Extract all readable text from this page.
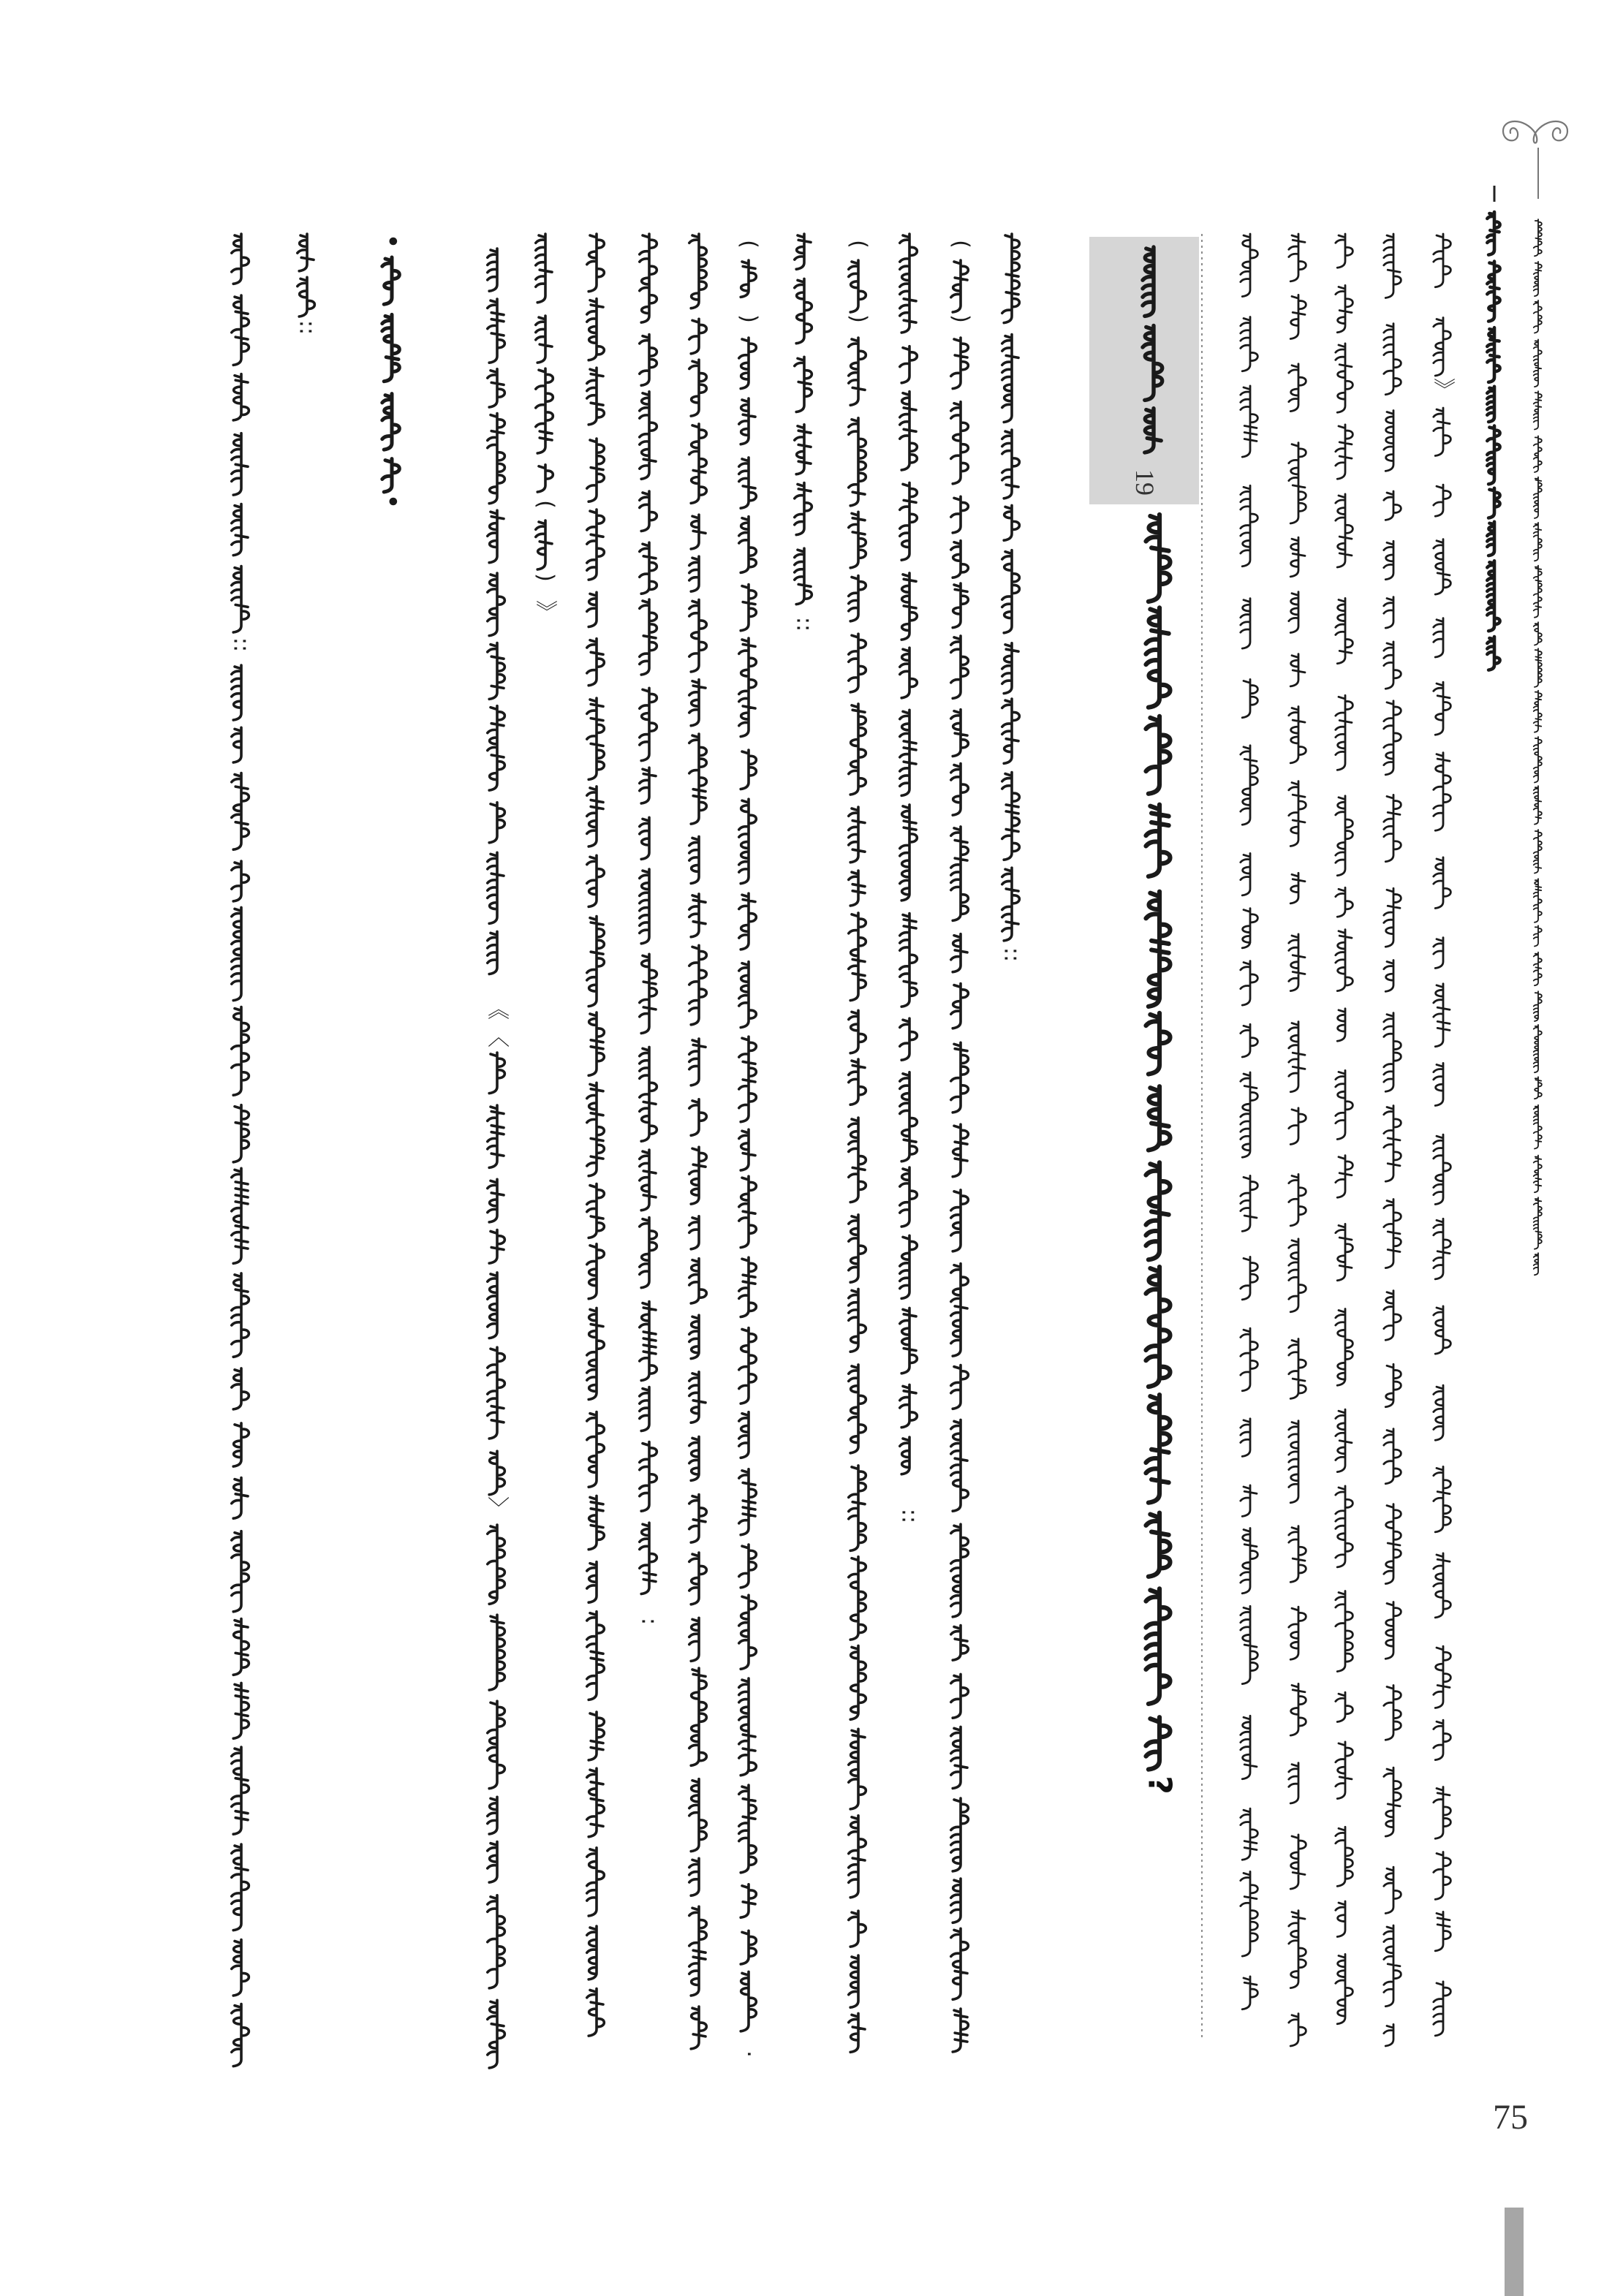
19
?
》
::
(
)
::
(
)
::
(
)
·
:
(
)
》
《
〈
〉
•
•
::
::
75
